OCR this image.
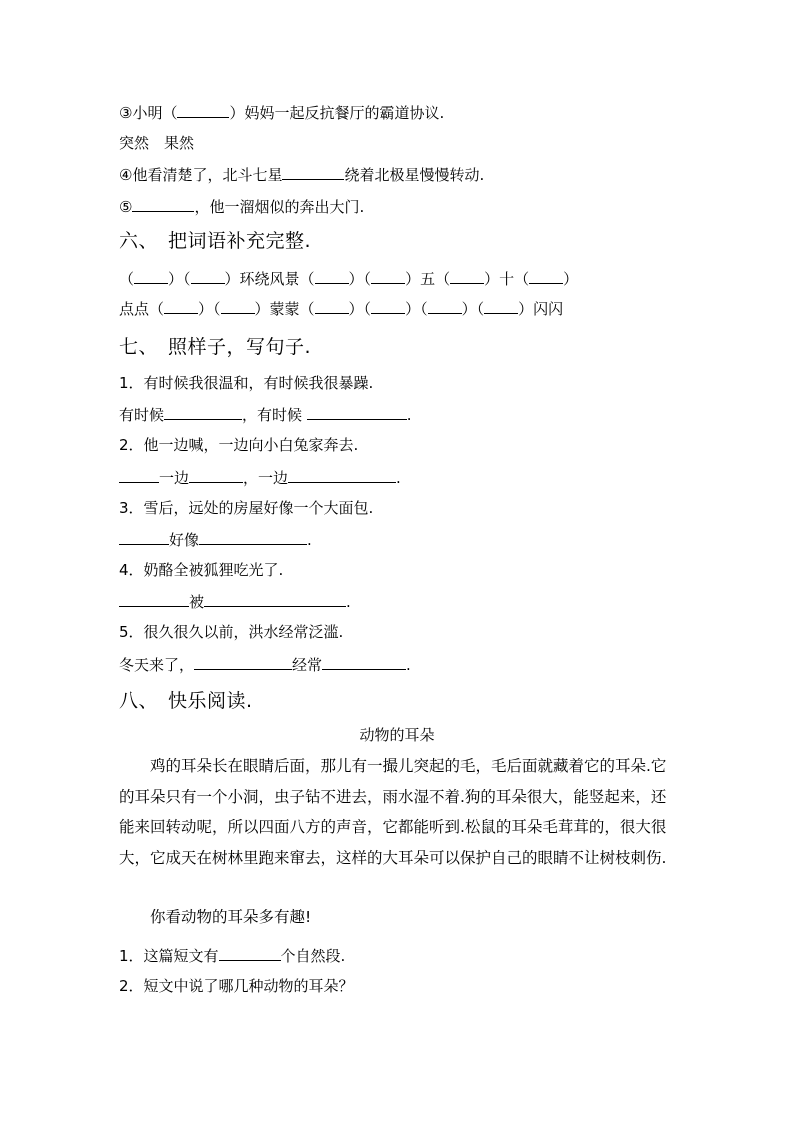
③小明（	）妈妈一起反抗餐厅的霸道协议.
突然　果然
④他看清楚了，北斗七星	绕着北极星慢慢转动.
⑤	，他一溜烟似的奔出大门.
六、　把词语补充完整.
（ ）（ ）环绕风景（ ）（ ）五（ ）十（ ）
点点（ ）（ ）蒙蒙（ ）（ ）（ ）（ ）闪闪
七、　照样子，写句子.
1．有时候我很温和，有时候我很暴躁.
有时候	，有时候	.
2．他一边喊，一边向小白兔家奔去.
一边	，一边	.
3．雪后，远处的房屋好像一个大面包.
好像	.
4．奶酪全被狐狸吃光了.
被	.
5．很久很久以前，洪水经常泛滥.
冬天来了，	经常	.
八、　快乐阅读.
动物的耳朵

鸡的耳朵长在眼睛后面，那儿有一撮儿突起的毛，毛后面就藏着它的耳朵.它的耳朵只有一个小洞，虫子钻不进去，雨水湿不着.狗的耳朵很大，能竖起来，还能来回转动呢，所以四面八方的声音，它都能听到.松鼠的耳朵毛茸茸的，很大很大，它成天在树林里跑来窜去，这样的大耳朵可以保护自己的眼睛不让树枝刺伤.

你看动物的耳朵多有趣!

1．这篇短文有	个自然段.
2．短文中说了哪几种动物的耳朵？
